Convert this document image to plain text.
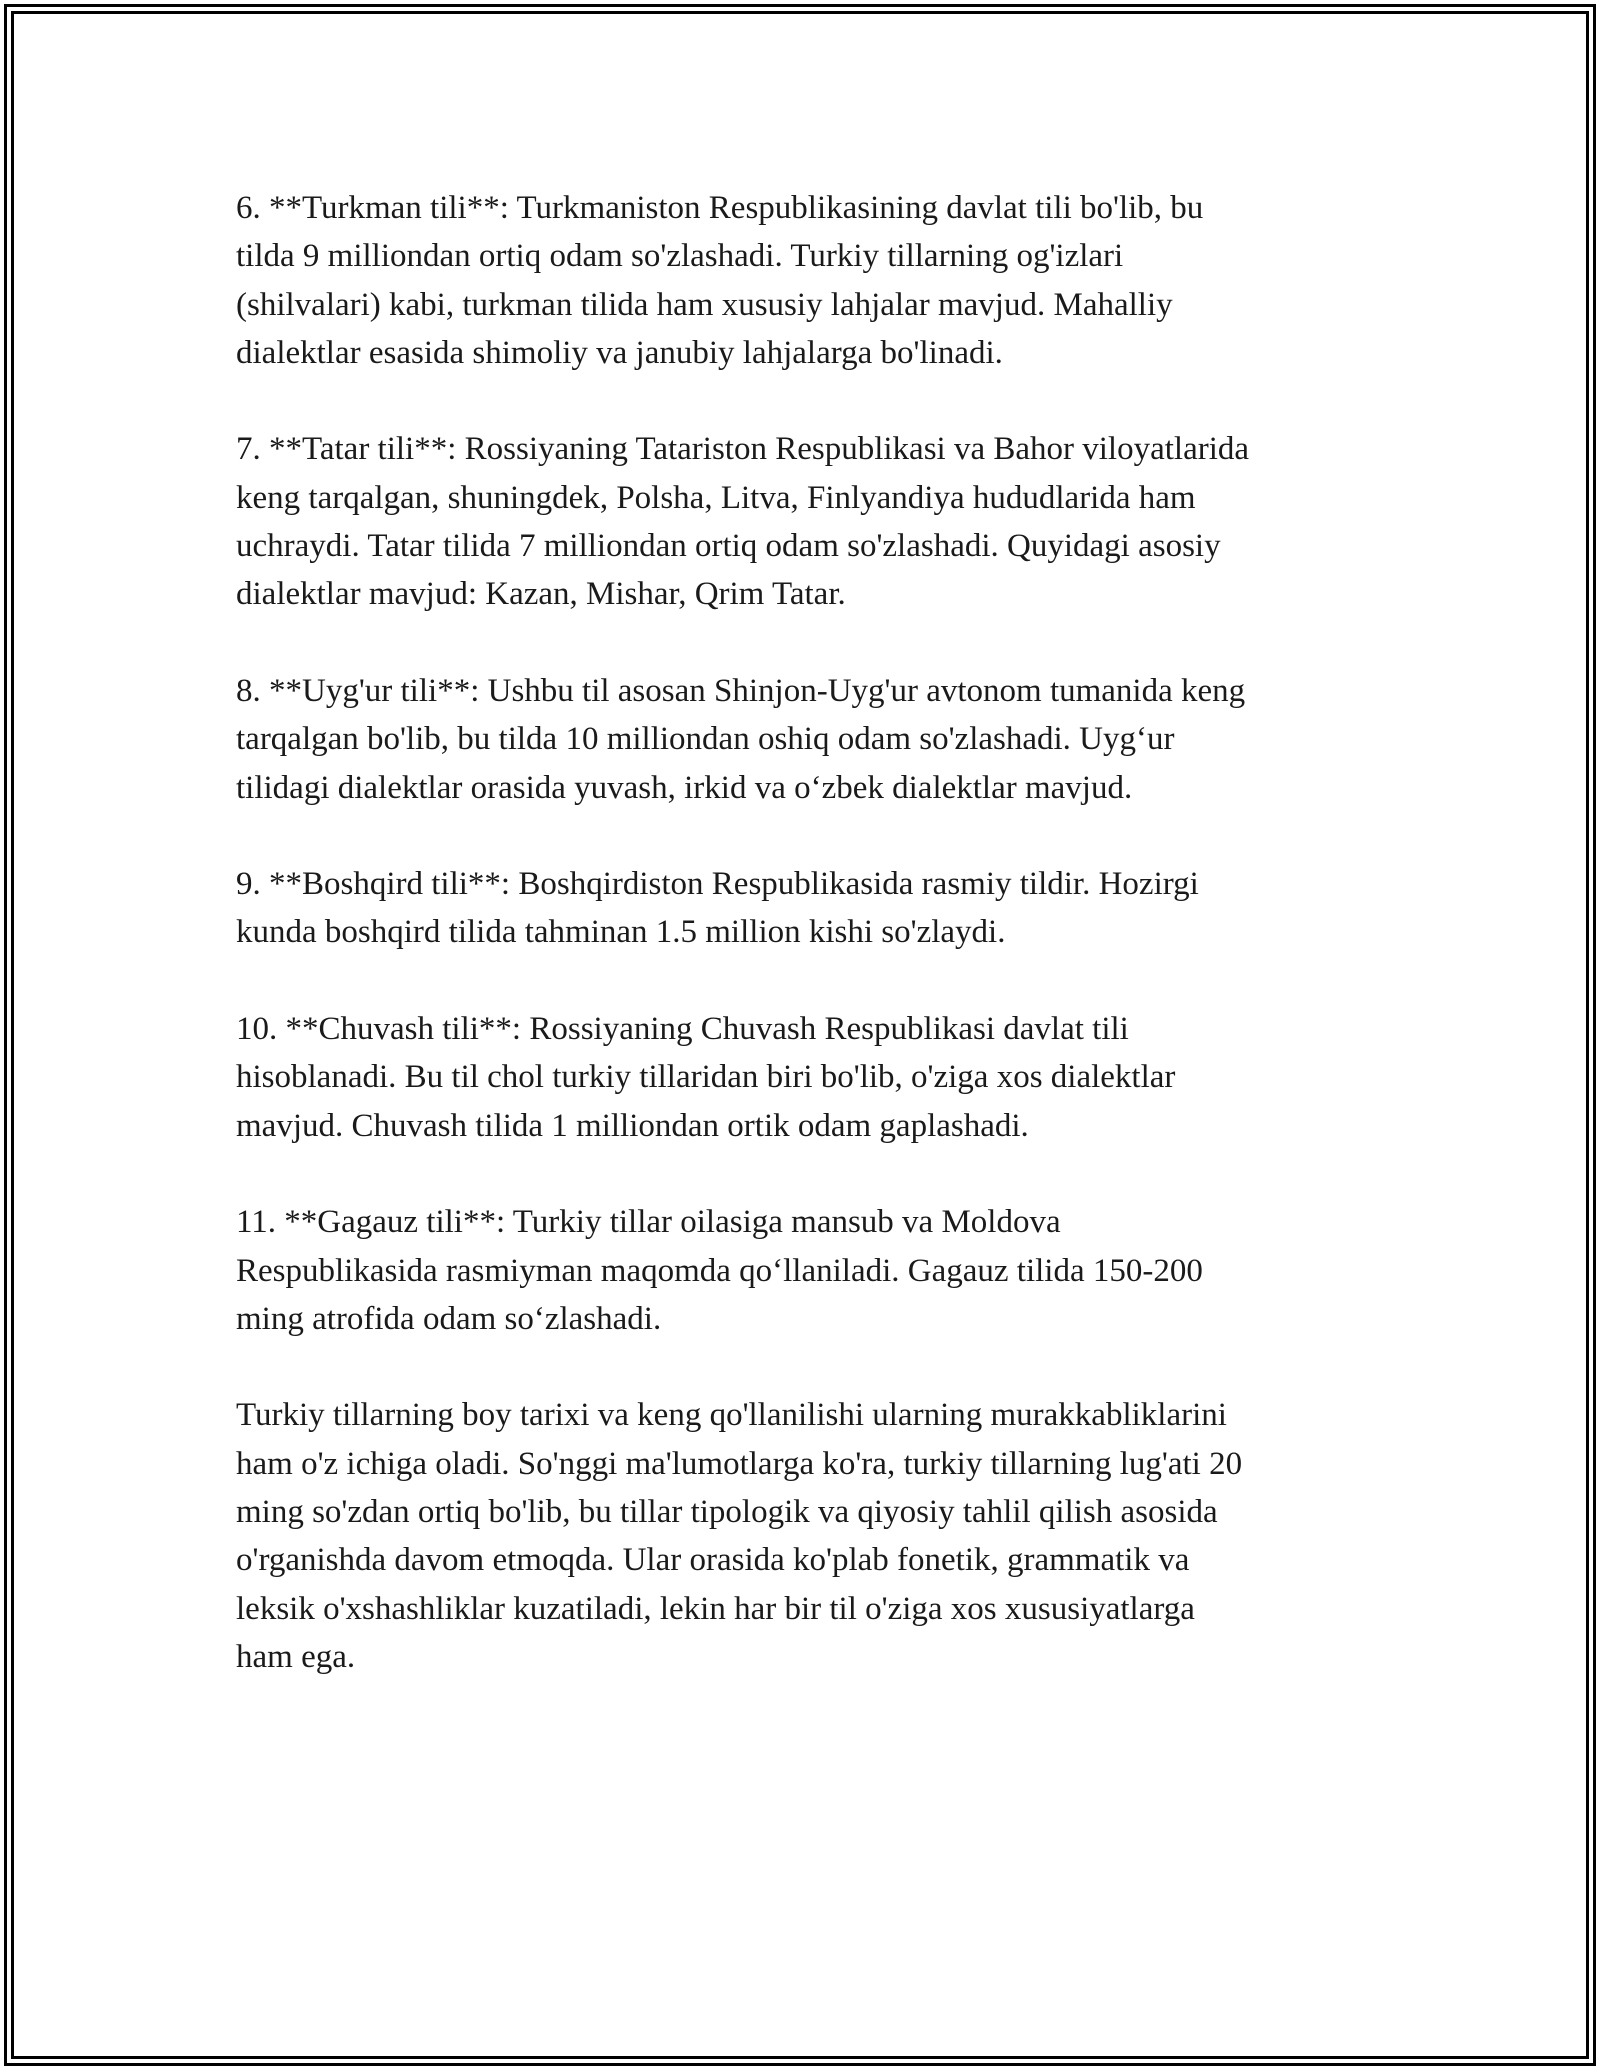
6. **Turkman tili**: Turkmaniston Respublikasining davlat tili bo'lib, bu
tilda 9 milliondan ortiq odam so'zlashadi. Turkiy tillarning og'izlari
(shilvalari) kabi, turkman tilida ham xususiy lahjalar mavjud. Mahalliy
dialektlar esasida shimoliy va janubiy lahjalarga bo'linadi.

7. **Tatar tili**: Rossiyaning Tatariston Respublikasi va Bahor viloyatlarida
keng tarqalgan, shuningdek, Polsha, Litva, Finlyandiya hududlarida ham
uchraydi. Tatar tilida 7 milliondan ortiq odam so'zlashadi. Quyidagi asosiy
dialektlar mavjud: Kazan, Mishar, Qrim Tatar.

8. **Uyg'ur tili**: Ushbu til asosan Shinjon-Uyg'ur avtonom tumanida keng
tarqalgan bo'lib, bu tilda 10 milliondan oshiq odam so'zlashadi. Uyg‘ur
tilidagi dialektlar orasida yuvash, irkid va o‘zbek dialektlar mavjud.

9. **Boshqird tili**: Boshqirdiston Respublikasida rasmiy tildir. Hozirgi
kunda boshqird tilida tahminan 1.5 million kishi so'zlaydi.

10. **Chuvash tili**: Rossiyaning Chuvash Respublikasi davlat tili
hisoblanadi. Bu til chol turkiy tillaridan biri bo'lib, o'ziga xos dialektlar
mavjud. Chuvash tilida 1 milliondan ortik odam gaplashadi.

11. **Gagauz tili**: Turkiy tillar oilasiga mansub va Moldova
Respublikasida rasmiyman maqomda qo‘llaniladi. Gagauz tilida 150-200
ming atrofida odam so‘zlashadi.

Turkiy tillarning boy tarixi va keng qo'llanilishi ularning murakkabliklarini
ham o'z ichiga oladi. So'nggi ma'lumotlarga ko'ra, turkiy tillarning lug'ati 20
ming so'zdan ortiq bo'lib, bu tillar tipologik va qiyosiy tahlil qilish asosida
o'rganishda davom etmoqda. Ular orasida ko'plab fonetik, grammatik va
leksik o'xshashliklar kuzatiladi, lekin har bir til o'ziga xos xususiyatlarga
ham ega.
